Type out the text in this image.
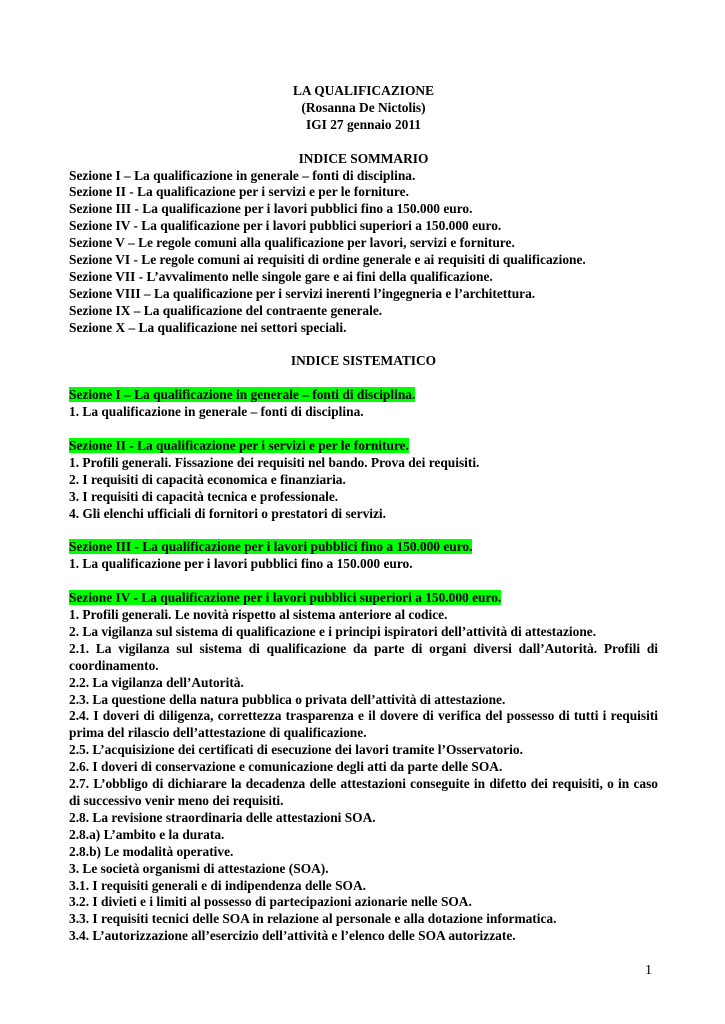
LA QUALIFICAZIONE
(Rosanna De Nictolis)
IGI 27 gennaio 2011
INDICE SOMMARIO
Sezione I – La qualificazione in generale – fonti di disciplina.
Sezione II - La qualificazione per i servizi e per le forniture.
Sezione III - La qualificazione per i lavori pubblici fino a 150.000 euro.
Sezione IV - La qualificazione per i lavori pubblici superiori a 150.000 euro.
Sezione V – Le regole comuni alla qualificazione per lavori, servizi e forniture.
Sezione VI - Le regole comuni ai requisiti di ordine generale e ai requisiti di qualificazione.
Sezione VII - L’avvalimento nelle singole gare e ai fini della qualificazione.
Sezione VIII – La qualificazione per i servizi inerenti l’ingegneria e l’architettura.
Sezione IX – La qualificazione del contraente generale.
Sezione X – La qualificazione nei settori speciali.
INDICE SISTEMATICO
Sezione I – La qualificazione in generale – fonti di disciplina.
1. La qualificazione in generale – fonti di disciplina.
Sezione II - La qualificazione per i servizi e per le forniture.
1. Profili generali. Fissazione dei requisiti nel bando. Prova dei requisiti.
2. I requisiti di capacità economica e finanziaria.
3. I requisiti di capacità tecnica e professionale.
4. Gli elenchi ufficiali di fornitori o prestatori di servizi.
Sezione III - La qualificazione per i lavori pubblici fino a 150.000 euro.
1. La qualificazione per i lavori pubblici fino a 150.000 euro.
Sezione IV - La qualificazione per i lavori pubblici superiori a 150.000 euro.
1. Profili generali. Le novità rispetto al sistema anteriore al codice.
2. La vigilanza sul sistema di qualificazione e i principi ispiratori dell’attività di attestazione.
2.1. La vigilanza sul sistema di qualificazione da parte di organi diversi dall’Autorità. Profili di coordinamento.
2.2. La vigilanza dell’Autorità.
2.3. La questione della natura pubblica o privata dell’attività di attestazione.
2.4. I doveri di diligenza, correttezza trasparenza e il dovere di verifica del possesso di tutti i requisiti prima del rilascio dell’attestazione di qualificazione.
2.5. L’acquisizione dei certificati di esecuzione dei lavori tramite l’Osservatorio.
2.6. I doveri di conservazione e comunicazione degli atti da parte delle SOA.
2.7. L’obbligo di dichiarare la decadenza delle attestazioni conseguite in difetto dei requisiti, o in caso di successivo venir meno dei requisiti.
2.8. La revisione straordinaria delle attestazioni SOA.
2.8.a) L’ambito e la durata.
2.8.b) Le modalità operative.
3. Le società organismi di attestazione (SOA).
3.1. I requisiti generali e di indipendenza delle SOA.
3.2. I divieti e i limiti al possesso di partecipazioni azionarie nelle SOA.
3.3. I requisiti tecnici delle SOA in relazione al personale e alla dotazione informatica.
3.4. L’autorizzazione all’esercizio dell’attività e l’elenco delle SOA autorizzate.
1
